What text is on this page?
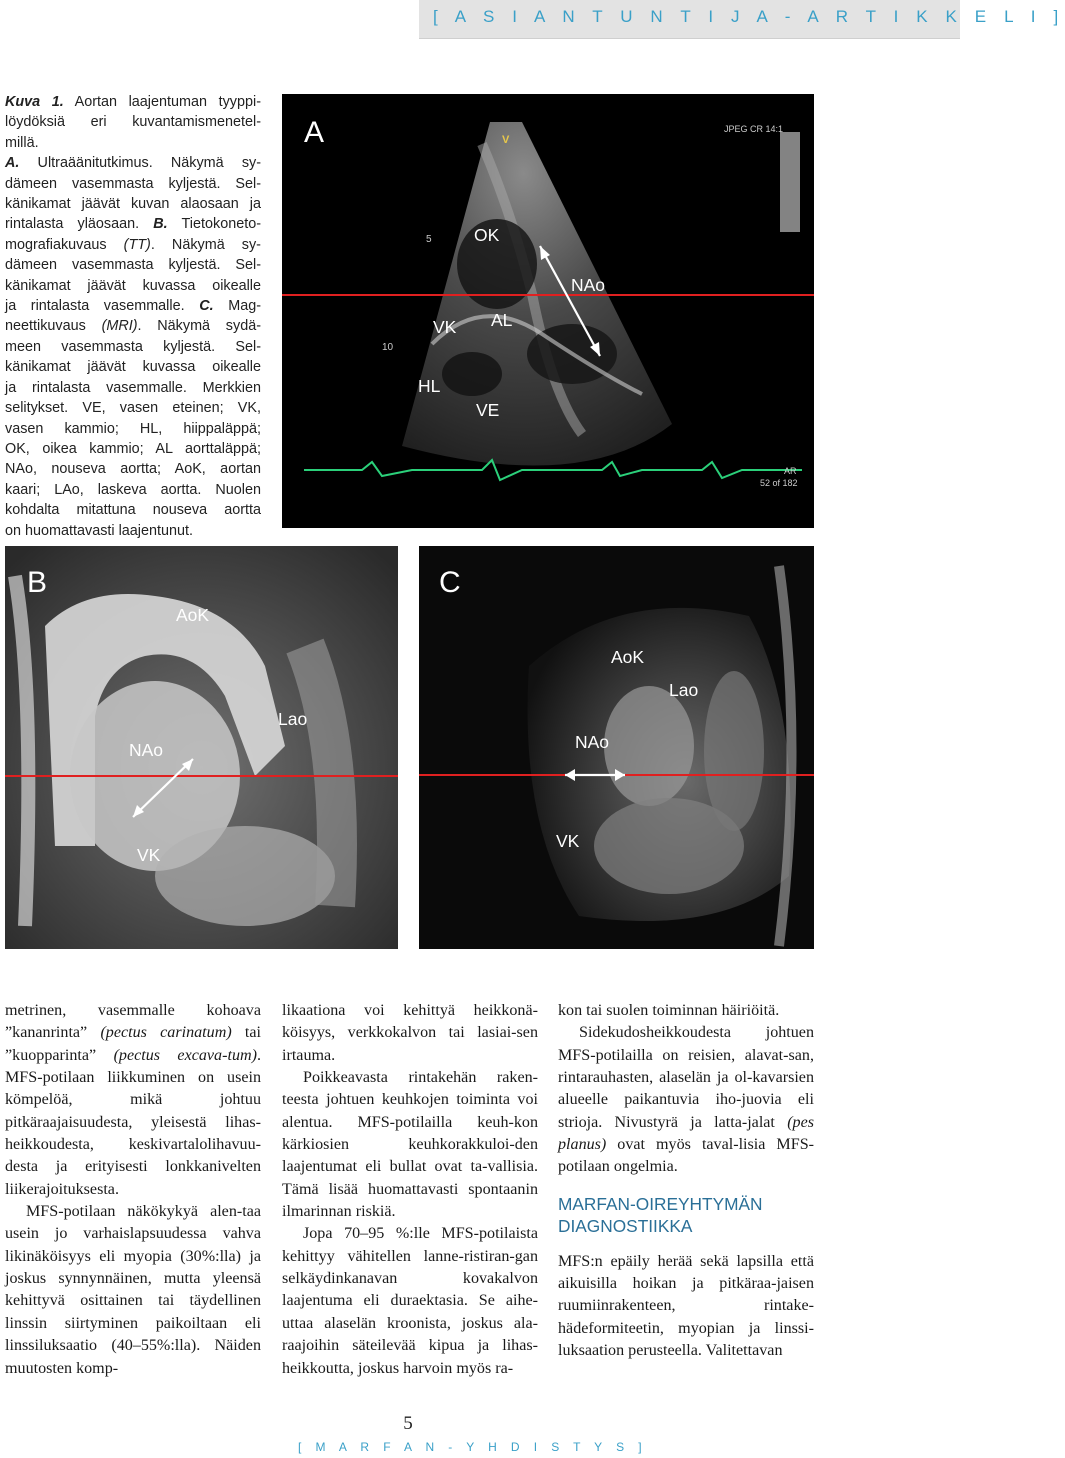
[ A S I A N T U N T I J A - A R T I K K E L I ]
Kuva 1. Aortan laajentuman tyyppi-
löydöksiä eri kuvantamismenetel-
millä.
A. Ultraäänitutkimus. Näkymä sy-
dämeen vasemmasta kyljestä. Sel-
känikamat jäävät kuvan alaosaan ja
rintalasta yläosaan. B. Tietokoneto-
mografiakuvaus (TT). Näkymä sy-
dämeen vasemmasta kyljestä. Sel-
känikamat jäävät kuvassa oikealle
ja rintalasta vasemmalle. C. Mag-
neettikuvaus (MRI). Näkymä sydä-
meen vasemmasta kyljestä. Sel-
känikamat jäävät kuvassa oikealle
ja rintalasta vasemmalle. Merkkien
selitykset. VE, vasen eteinen; VK,
vasen kammio; HL, hiippaläppä;
OK, oikea kammio; AL aorttaläppä;
NAo, nouseva aortta; AoK, aortan
kaari; LAo, laskeva aortta. Nuolen
kohdalta mitattuna nouseva aortta
on huomattavasti laajentunut.
A
OK
NAo
VK AL
HL
VE
JPEG CR 14:1
V
5
10
AR
52 of 182
B
AoK
Lao
NAo
VK
C
AoK
Lao
NAo
VK

metrinen, vasemmalle kohoava ”kananrinta” (pectus carinatum) tai ”kuopparinta” (pectus excava-tum). MFS-potilaan liikkuminen on usein kömpelöä, mikä johtuu pitkäraajaisuudesta, yleisestä lihas-heikkoudesta, keskivartalolihavuu-desta ja erityisesti lonkkanivelten liikerajoituksesta.

MFS-potilaan näkökykyä alen-taa usein jo varhaislapsuudessa vahva likinäköisyys eli myopia (30%:lla) ja joskus synnynnäinen, mutta yleensä kehittyvä osittainen tai täydellinen linssin siirtyminen paikoiltaan eli linssiluksaatio (40–55%:lla). Näiden muutosten komp-

likaationa voi kehittyä heikkonä-köisyys, verkkokalvon tai lasiai-sen irtauma.

Poikkeavasta rintakehän raken-teesta johtuen keuhkojen toiminta voi alentua. MFS-potilailla keuh-kon kärkiosien keuhkorakkuloi-den laajentumat eli bullat ovat ta-vallisia. Tämä lisää huomattavasti spontaanin ilmarinnan riskiä.

Jopa 70–95 %:lle MFS-potilaista kehittyy vähitellen lanne-ristiran-gan selkäydinkanavan kovakalvon laajentuma eli duraektasia. Se aihe-uttaa alaselän kroonista, joskus ala-raajoihin säteilevää kipua ja lihas-heikkoutta, joskus harvoin myös ra-

kon tai suolen toiminnan häiriöitä.

Sidekudosheikkoudesta johtuen MFS-potilailla on reisien, alavat-san, rintarauhasten, alaselän ja ol-kavarsien alueelle paikantuvia iho-juovia eli strioja. Nivustyrä ja latta-jalat (pes planus) ovat myös taval-lisia MFS-potilaan ongelmia.

MARFAN-OIREYHTYMÄN DIAGNOSTIIKKA

MFS:n epäily herää sekä lapsilla että aikuisilla hoikan ja pitkäraa-jaisen ruumiinrakenteen, rintake-hädeformiteetin, myopian ja linssi-luksaation perusteella. Valitettavan

5
[ M A R F A N - Y H D I S T Y S ]
